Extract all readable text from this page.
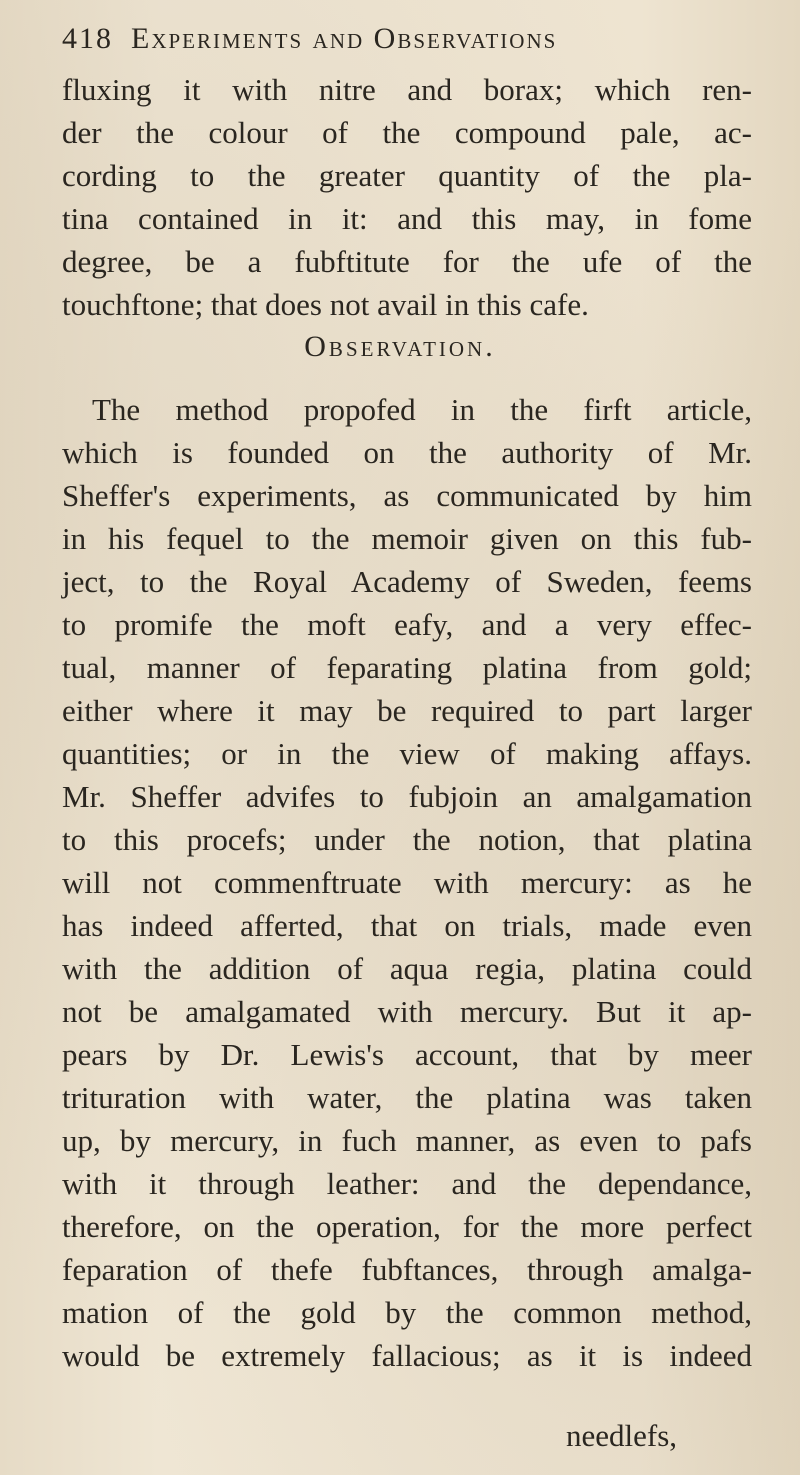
418 Experiments and Observations
fluxing it with nitre and borax; which ren-
der the colour of the compound pale, ac-
cording to the greater quantity of the pla-
tina contained in it: and this may, in fome
degree, be a fubftitute for the ufe of the
touchftone; that does not avail in this cafe.
Observation.
The method propofed in the firft article,
which is founded on the authority of Mr.
Sheffer's experiments, as communicated by him
in his fequel to the memoir given on this fub-
ject, to the Royal Academy of Sweden, feems
to promife the moft eafy, and a very effec-
tual, manner of feparating platina from gold;
either where it may be required to part larger
quantities; or in the view of making affays.
Mr. Sheffer advifes to fubjoin an amalgamation
to this procefs; under the notion, that platina
will not commenftruate with mercury: as he
has indeed afferted, that on trials, made even
with the addition of aqua regia, platina could
not be amalgamated with mercury. But it ap-
pears by Dr. Lewis's account, that by meer
trituration with water, the platina was taken
up, by mercury, in fuch manner, as even to pafs
with it through leather: and the dependance,
therefore, on the operation, for the more perfect
feparation of thefe fubftances, through amalga-
mation of the gold by the common method,
would be extremely fallacious; as it is indeed
needlefs,
